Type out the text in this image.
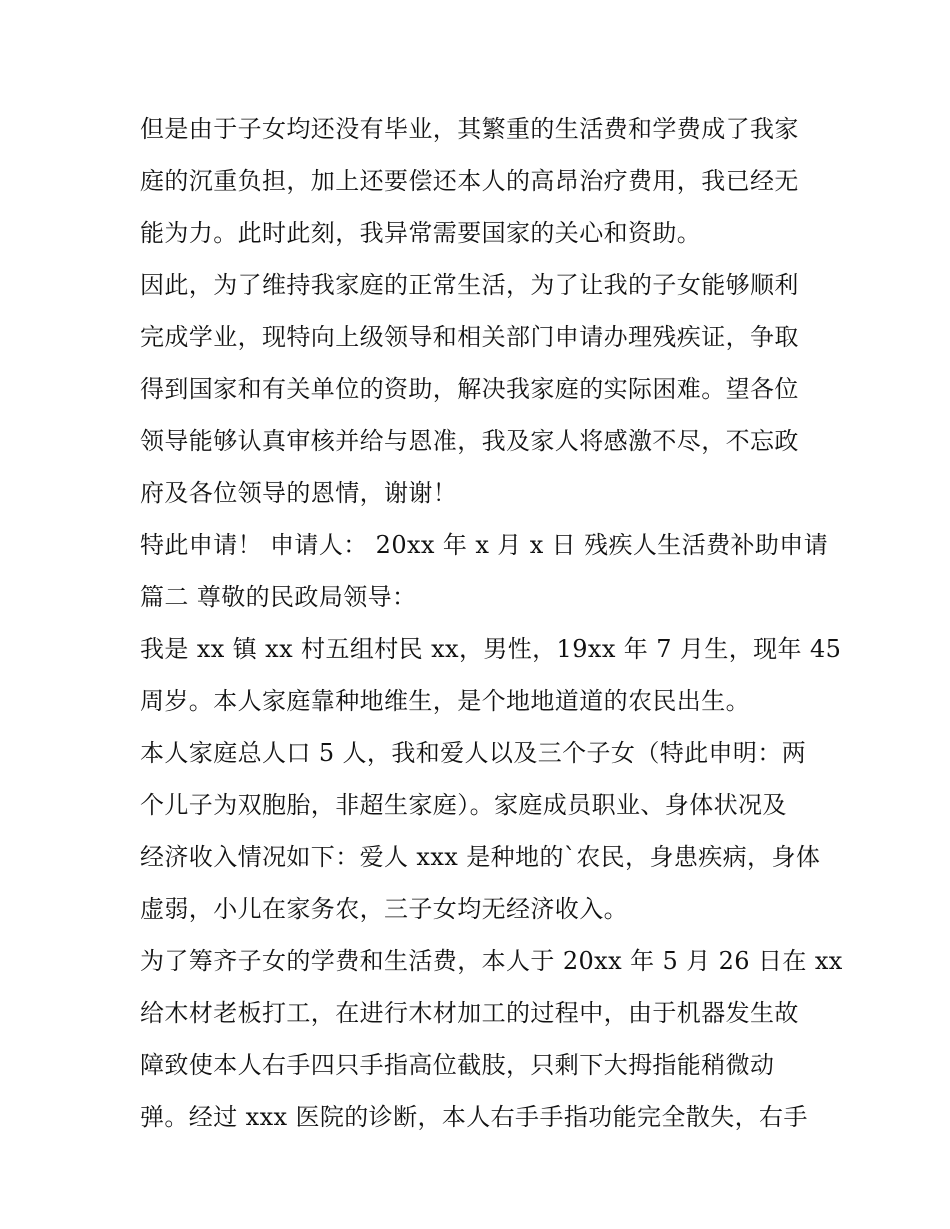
但是由于子女均还没有毕业，其繁重的生活费和学费成了我家
庭的沉重负担，加上还要偿还本人的高昂治疗费用，我已经无
能为力。此时此刻，我异常需要国家的关心和资助。
因此，为了维持我家庭的正常生活，为了让我的子女能够顺利
完成学业，现特向上级领导和相关部门申请办理残疾证，争取
得到国家和有关单位的资助，解决我家庭的实际困难。望各位
领导能够认真审核并给与恩准，我及家人将感激不尽，不忘政
府及各位领导的恩情，谢谢！
特此申请！ 申请人： 20xx 年 x 月 x 日 残疾人生活费补助申请
篇二 尊敬的民政局领导：
我是 xx 镇 xx 村五组村民 xx，男性，19xx 年 7 月生，现年 45
周岁。本人家庭靠种地维生，是个地地道道的农民出生。
本人家庭总人口 5 人，我和爱人以及三个子女（特此申明：两
个儿子为双胞胎，非超生家庭）。家庭成员职业、身体状况及
经济收入情况如下：爱人 xxx 是种地的`农民，身患疾病，身体
虚弱，小儿在家务农，三子女均无经济收入。
为了筹齐子女的学费和生活费，本人于 20xx 年 5 月 26 日在 xx
给木材老板打工，在进行木材加工的过程中，由于机器发生故
障致使本人右手四只手指高位截肢，只剩下大拇指能稍微动
弹。经过 xxx 医院的诊断，本人右手手指功能完全散失，右手
